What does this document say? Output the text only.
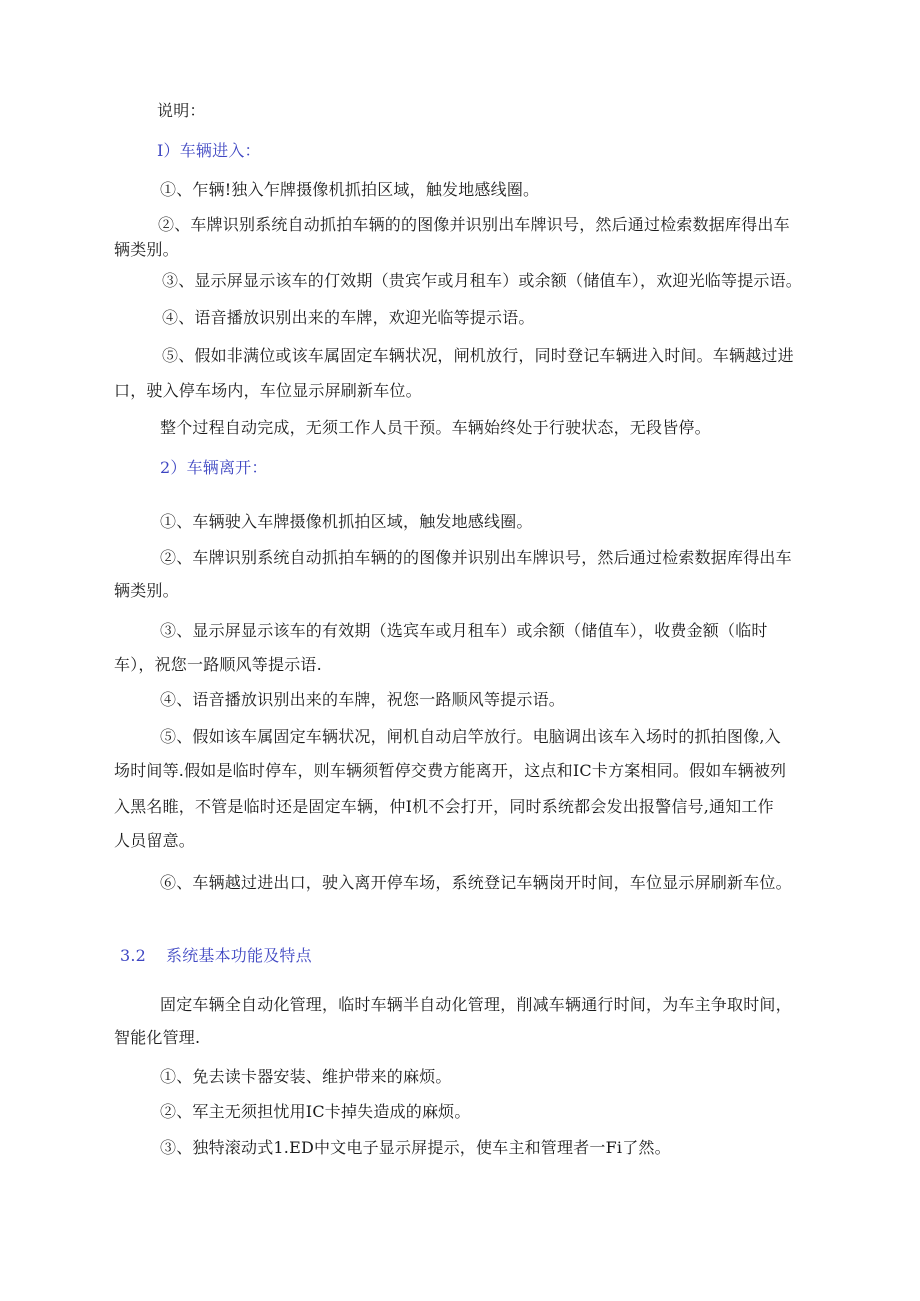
说明：
I）车辆进入：
①、乍辆!独入乍牌摄像机抓拍区域，触发地感线圈。
②、车牌识别系统自动抓拍车辆的的图像并识别出车牌识号，然后通过检索数据库得出车
辆类别。
③、显示屏显示该车的仃效期（贵宾乍或月租车）或余额（储值车），欢迎光临等提示语。
④、语音播放识别出来的车牌，欢迎光临等提示语。
⑤、假如非满位或该车属固定车辆状况，闸机放行，同时登记车辆进入时间。车辆越过进
口，驶入停车场内，车位显示屏刷新车位。
整个过程自动完成，无须工作人员干预。车辆始终处于行驶状态，无段皆停。
2）车辆离开：
①、车辆驶入车牌摄像机抓拍区域，触发地感线圈。
②、车牌识别系统自动抓拍车辆的的图像并识别出车牌识号，然后通过检索数据库得出车
辆类别。
③、显示屏显示该车的有效期（选宾车或月租车）或余额（储值车），收费金额（临时
车），祝您一路顺风等提示语.
④、语音播放识别出来的车牌，祝您一路顺风等提示语。
⑤、假如该车属固定车辆状况，闸机自动启竿放行。电脑调出该车入场时的抓拍图像,入
场时间等.假如是临时停车，则车辆须暂停交费方能离开，这点和IC卡方案相同。假如车辆被列
入黑名睢，不管是临时还是固定车辆，仲I机不会打开，同时系统都会发出报警信号,通知工作
人员留意。
⑥、车辆越过进出口，驶入离开停车场，系统登记车辆岗开时间，车位显示屏刷新车位。
3.2 系统基本功能及特点
固定车辆全自动化管理，临时车辆半自动化管理，削减车辆通行时间，为车主争取时间，
智能化管理.
①、免去读卡器安装、维护带来的麻烦。
②、军主无须担忧用IC卡掉失造成的麻烦。
③、独特滚动式1.ED中文电子显示屏提示，使车主和管理者一Fi了然。
